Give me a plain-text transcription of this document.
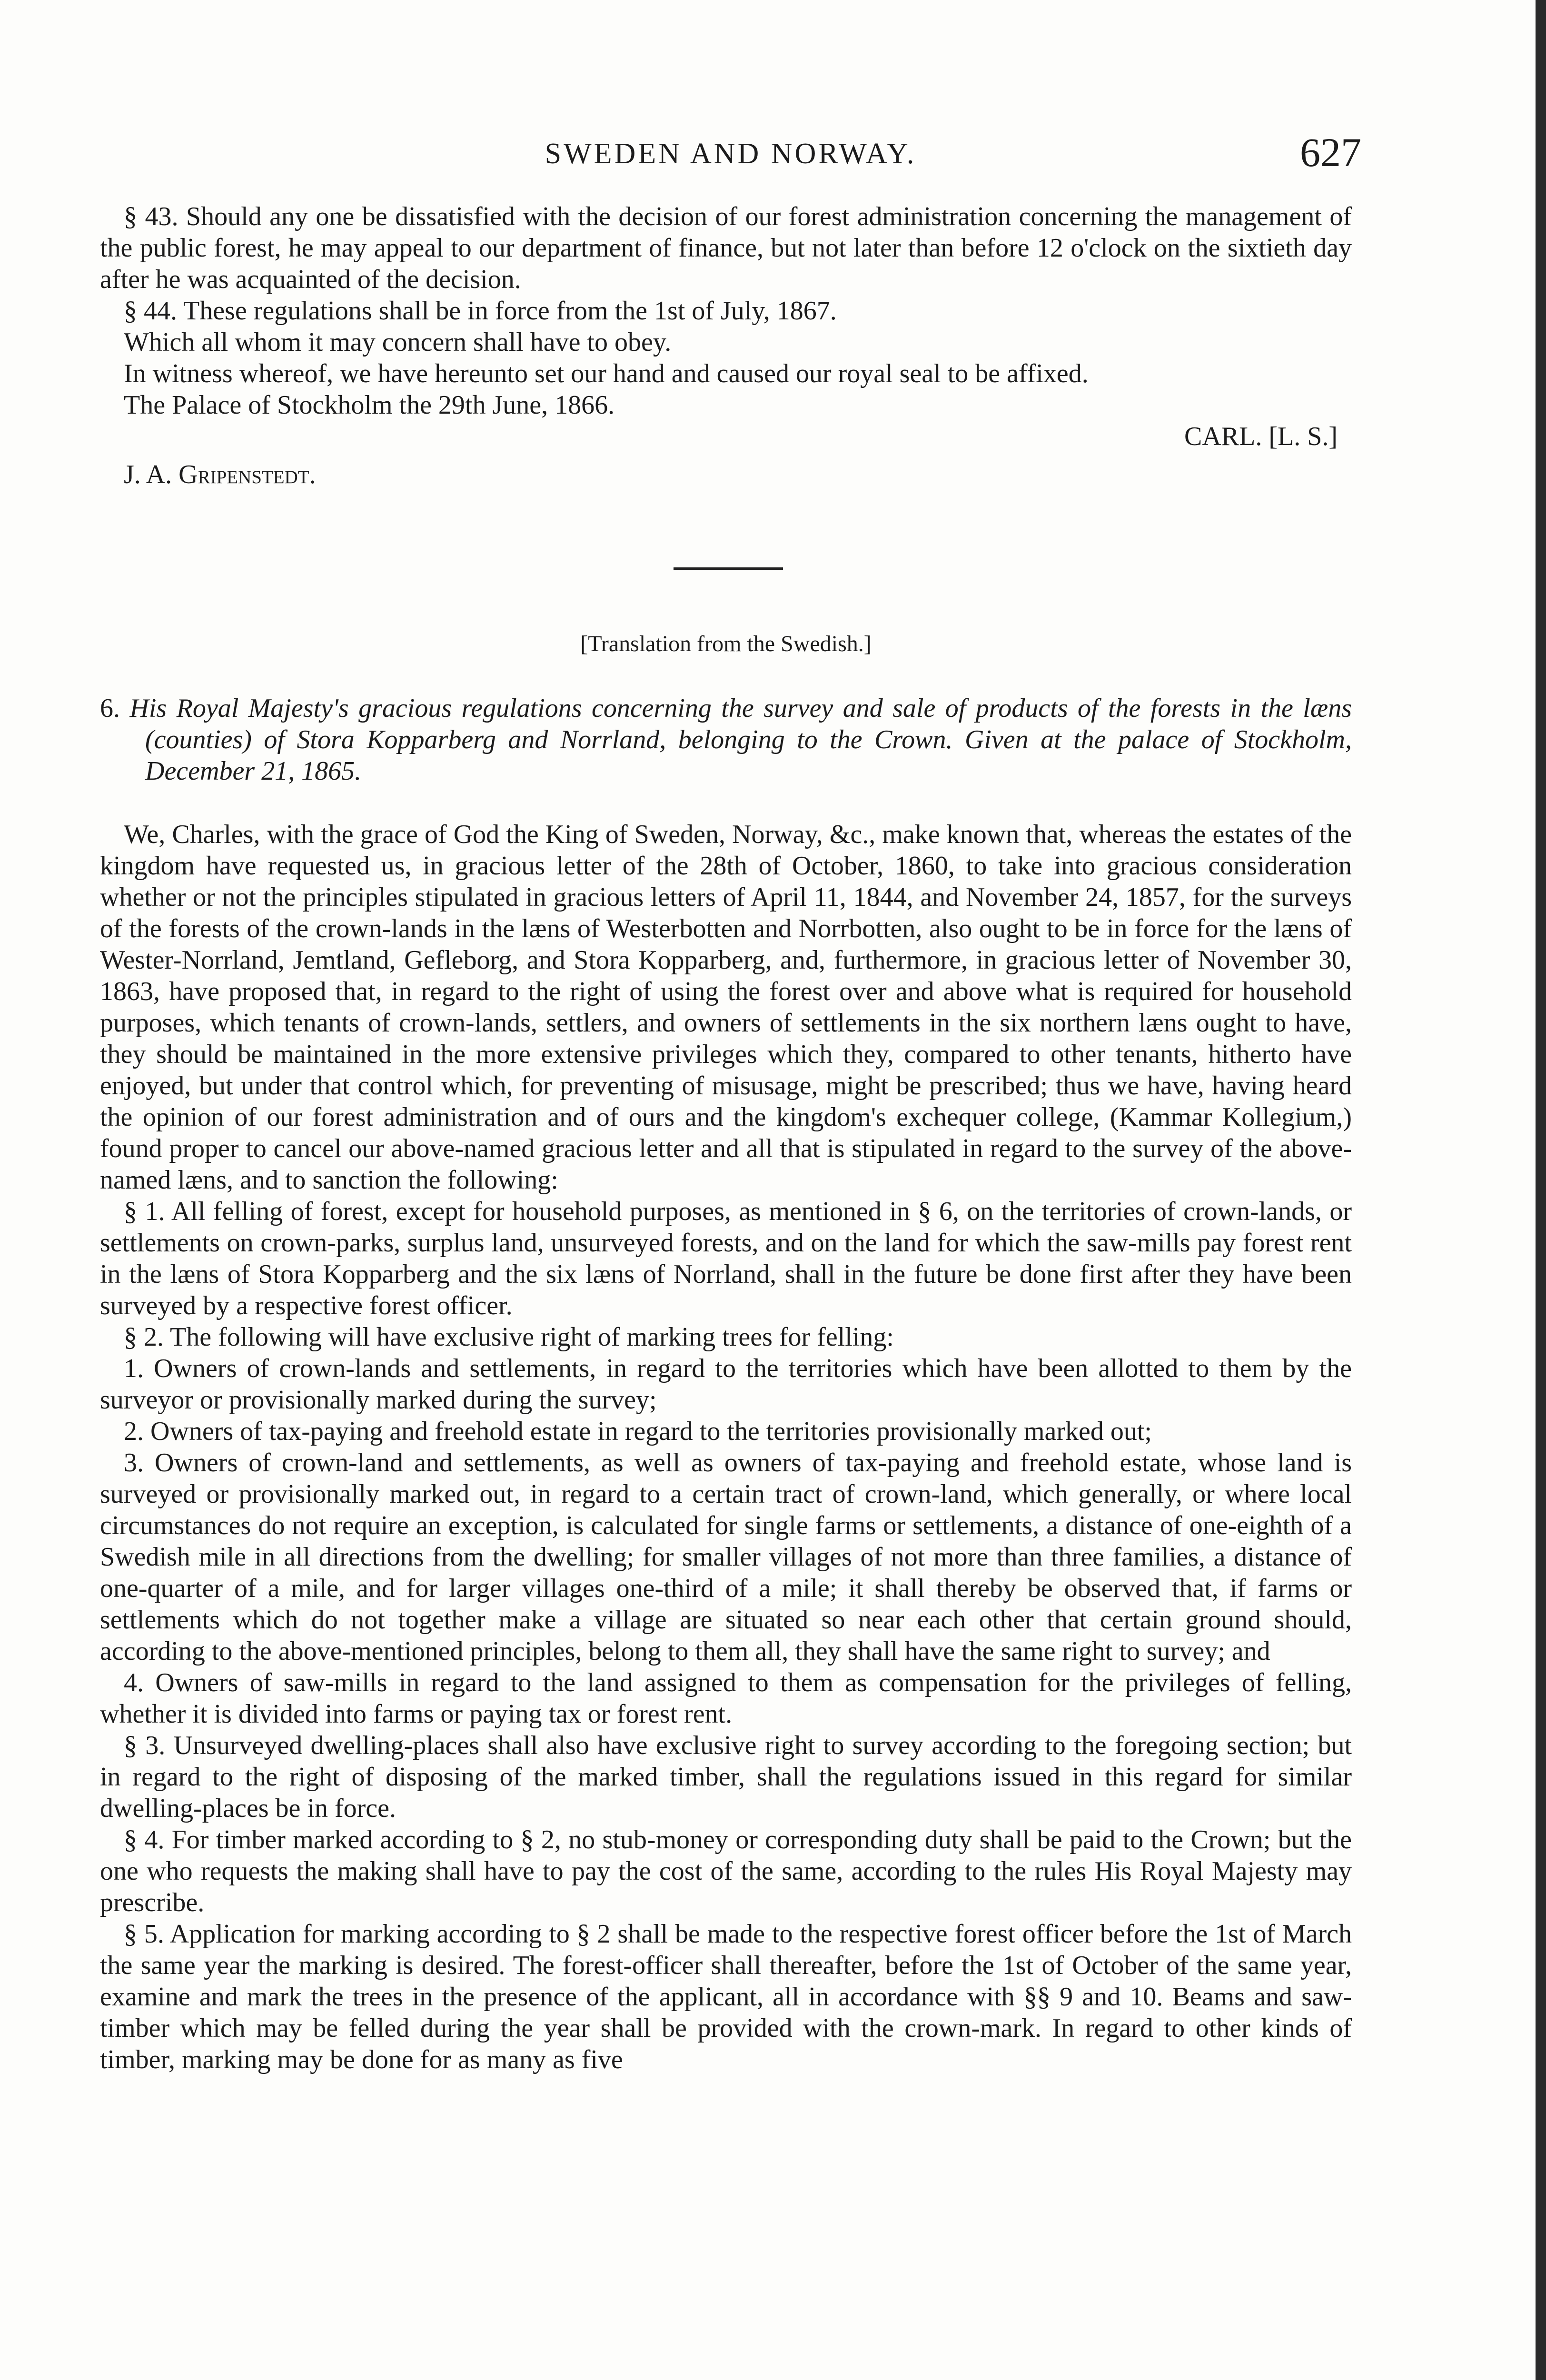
SWEDEN AND NORWAY.	627

§ 43. Should any one be dissatisfied with the decision of our forest administration concerning the management of the public forest, he may appeal to our department of finance, but not later than before 12 o'clock on the sixtieth day after he was acquainted of the decision.

§ 44. These regulations shall be in force from the 1st of July, 1867.

Which all whom it may concern shall have to obey.

In witness whereof, we have hereunto set our hand and caused our royal seal to be affixed.

The Palace of Stockholm the 29th June, 1866.

CARL. [L. S.]
J. A. Gripenstedt.
[Translation from the Swedish.]

6. His Royal Majesty's gracious regulations concerning the survey and sale of products of the forests in the læns (counties) of Stora Kopparberg and Norrland, belonging to the Crown. Given at the palace of Stockholm, December 21, 1865.

We, Charles, with the grace of God the King of Sweden, Norway, &c., make known that, whereas the estates of the kingdom have requested us, in gracious letter of the 28th of October, 1860, to take into gracious consideration whether or not the principles stipulated in gracious letters of April 11, 1844, and November 24, 1857, for the surveys of the forests of the crown-lands in the læns of Westerbotten and Norrbotten, also ought to be in force for the læns of Wester-Norrland, Jemtland, Gefleborg, and Stora Kopparberg, and, furthermore, in gracious letter of November 30, 1863, have proposed that, in regard to the right of using the forest over and above what is required for household purposes, which tenants of crown-lands, settlers, and owners of settlements in the six northern læns ought to have, they should be maintained in the more extensive privileges which they, compared to other tenants, hitherto have enjoyed, but under that control which, for preventing of misusage, might be prescribed; thus we have, having heard the opinion of our forest administration and of ours and the kingdom's exchequer college, (Kammar Kollegium,) found proper to cancel our above-named gracious letter and all that is stipulated in regard to the survey of the above-named læns, and to sanction the following:

§ 1. All felling of forest, except for household purposes, as mentioned in § 6, on the territories of crown-lands, or settlements on crown-parks, surplus land, unsurveyed forests, and on the land for which the saw-mills pay forest rent in the læns of Stora Kopparberg and the six læns of Norrland, shall in the future be done first after they have been surveyed by a respective forest officer.

§ 2. The following will have exclusive right of marking trees for felling:

1. Owners of crown-lands and settlements, in regard to the territories which have been allotted to them by the surveyor or provisionally marked during the survey;

2. Owners of tax-paying and freehold estate in regard to the territories provisionally marked out;

3. Owners of crown-land and settlements, as well as owners of tax-paying and freehold estate, whose land is surveyed or provisionally marked out, in regard to a certain tract of crown-land, which generally, or where local circumstances do not require an exception, is calculated for single farms or settlements, a distance of one-eighth of a Swedish mile in all directions from the dwelling; for smaller villages of not more than three families, a distance of one-quarter of a mile, and for larger villages one-third of a mile; it shall thereby be observed that, if farms or settlements which do not together make a village are situated so near each other that certain ground should, according to the above-mentioned principles, belong to them all, they shall have the same right to survey; and

4. Owners of saw-mills in regard to the land assigned to them as compensation for the privileges of felling, whether it is divided into farms or paying tax or forest rent.

§ 3. Unsurveyed dwelling-places shall also have exclusive right to survey according to the foregoing section; but in regard to the right of disposing of the marked timber, shall the regulations issued in this regard for similar dwelling-places be in force.

§ 4. For timber marked according to § 2, no stub-money or corresponding duty shall be paid to the Crown; but the one who requests the making shall have to pay the cost of the same, according to the rules His Royal Majesty may prescribe.

§ 5. Application for marking according to § 2 shall be made to the respective forest officer before the 1st of March the same year the marking is desired. The forest-officer shall thereafter, before the 1st of October of the same year, examine and mark the trees in the presence of the applicant, all in accordance with §§ 9 and 10. Beams and saw-timber which may be felled during the year shall be provided with the crown-mark. In regard to other kinds of timber, marking may be done for as many as five
